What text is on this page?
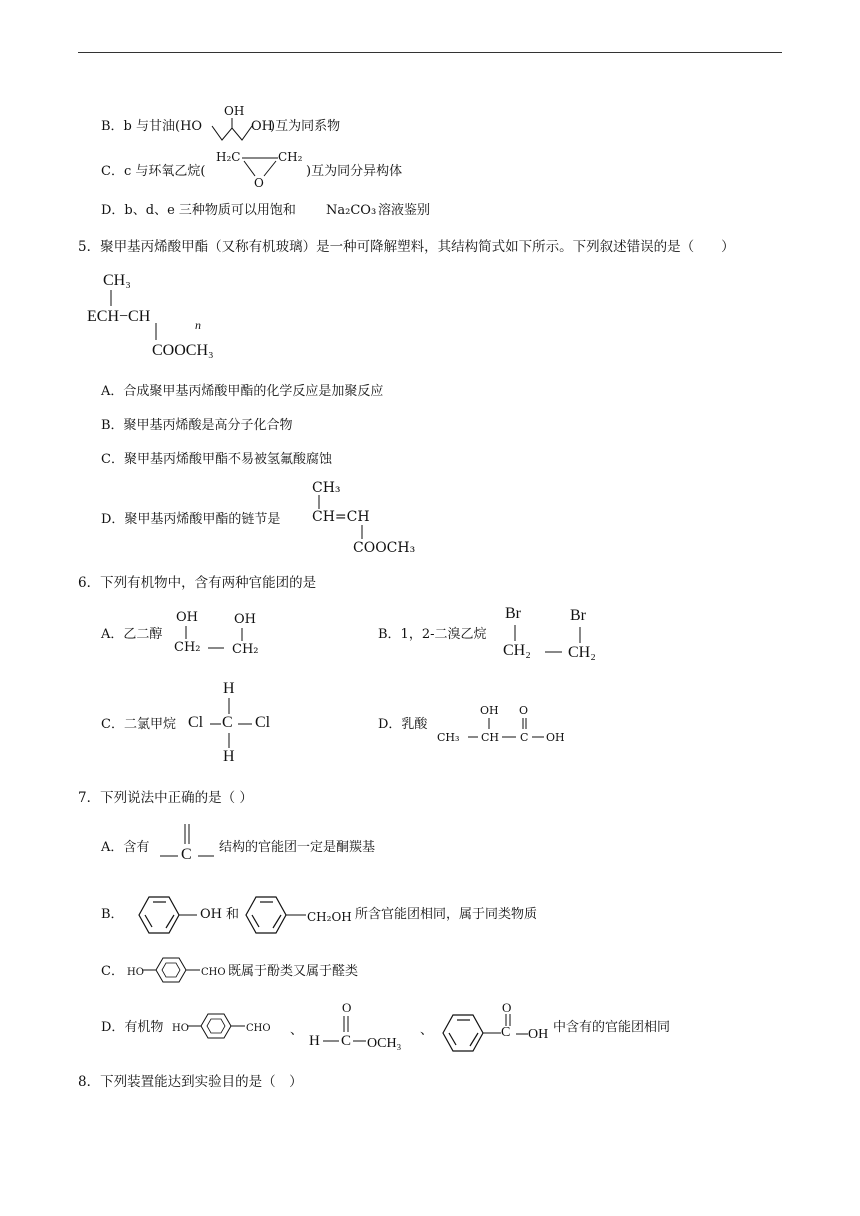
B．b 与甘油(HO
OH
OH
)互为同系物
C．c 与环氧乙烷(
H₂C	CH₂
O
)互为同分异构体
D．b、d、e 三种物质可以用饱和 Na₂CO₃ 溶液鉴别
5．聚甲基丙烯酸甲酯（又称有机玻璃）是一种可降解塑料，其结构简式如下所示。下列叙述错误的是（　　）
CH₃
ECH−CH	n
COOCH₃
A．合成聚甲基丙烯酸甲酯的化学反应是加聚反应
B．聚甲基丙烯酸是高分子化合物
C．聚甲基丙烯酸甲酯不易被氢氟酸腐蚀
D．聚甲基丙烯酸甲酯的链节是
CH₃
CH=CH
COOCH₃
6．下列有机物中，含有两种官能团的是
A．乙二醇
OH	OH
CH₂ CH₂
B．1，2-二溴乙烷
Br	Br
CH₂ CH₂
C．二氯甲烷
H
Cl C Cl
H
D．乳酸
OH O
CH₃ CH C OH
7．下列说法中正确的是（ ）
A．含有 C 结构的官能团一定是酮羰基
B．	OH 和	CH₂OH 所含官能团相同，属于同类物质
C． HO	CHO 既属于酚类又属于醛类
D．有机物 HO	CHO 、
O
H C OCH₃
、
O
C OH 中含有的官能团相同
8．下列装置能达到实验目的是（　）
